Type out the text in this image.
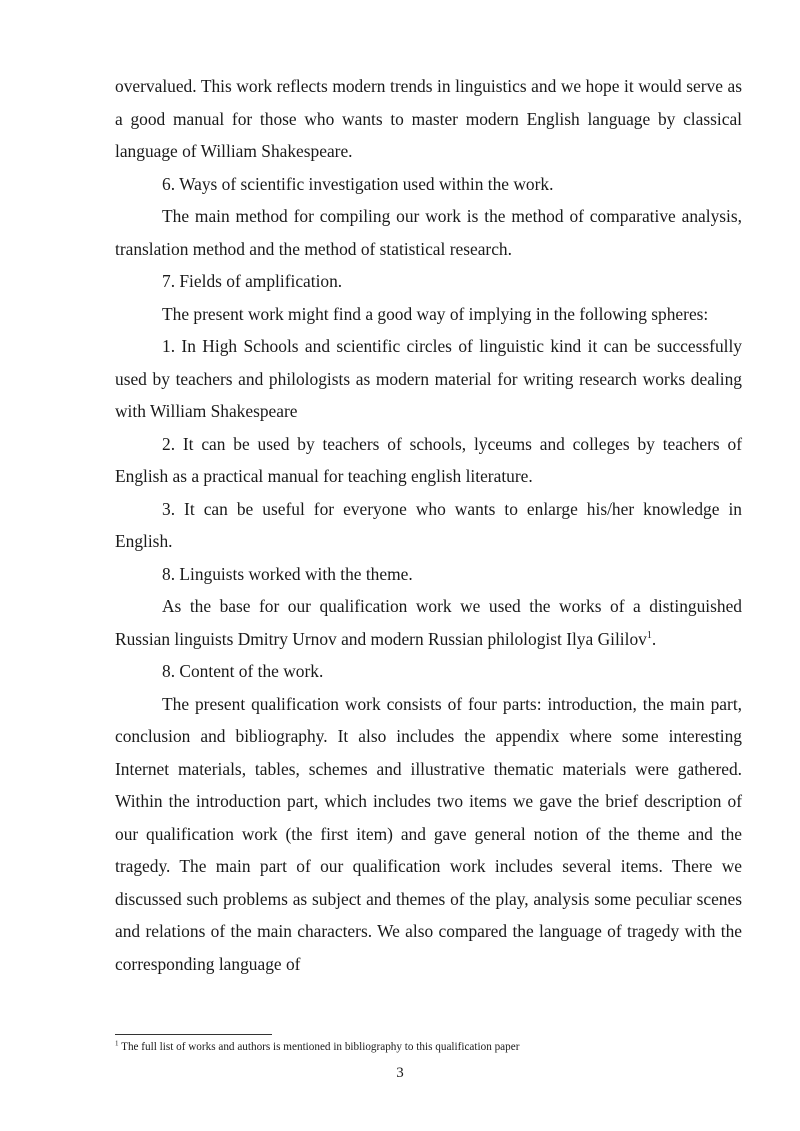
overvalued. This work reflects modern trends in linguistics and we hope it would serve as a good manual for those who wants to master modern English language by classical language of William Shakespeare.

6. Ways of scientific investigation used within the work.

The main method for compiling our work is the method of comparative analysis, translation method and the method of statistical research.

7. Fields of amplification.

The present work might find a good way of implying in the following spheres:

1. In High Schools and scientific circles of linguistic kind it can be successfully used by teachers and philologists as modern material for writing research works dealing with William Shakespeare

2. It can be used by teachers of schools, lyceums and colleges by teachers of English as a practical manual for teaching english literature.

3. It can be useful for everyone who wants to enlarge his/her knowledge in English.

8. Linguists worked with the theme.

As the base for our qualification work we used the works of a distinguished Russian linguists Dmitry Urnov and modern Russian philologist Ilya Gililov$^1$.

8. Content of the work.

The present qualification work consists of four parts: introduction, the main part, conclusion and bibliography. It also includes the appendix where some interesting Internet materials, tables, schemes and illustrative thematic materials were gathered. Within the introduction part, which includes two items we gave the brief description of our qualification work (the first item) and gave general notion of the theme and the tragedy. The main part of our qualification work includes several items. There we discussed such problems as subject and themes of the play, analysis some peculiar scenes and relations of the main characters. We also compared the language of tragedy with the corresponding language of

$^1$ The full list of works and authors is mentioned in bibliography to this qualification paper
3
